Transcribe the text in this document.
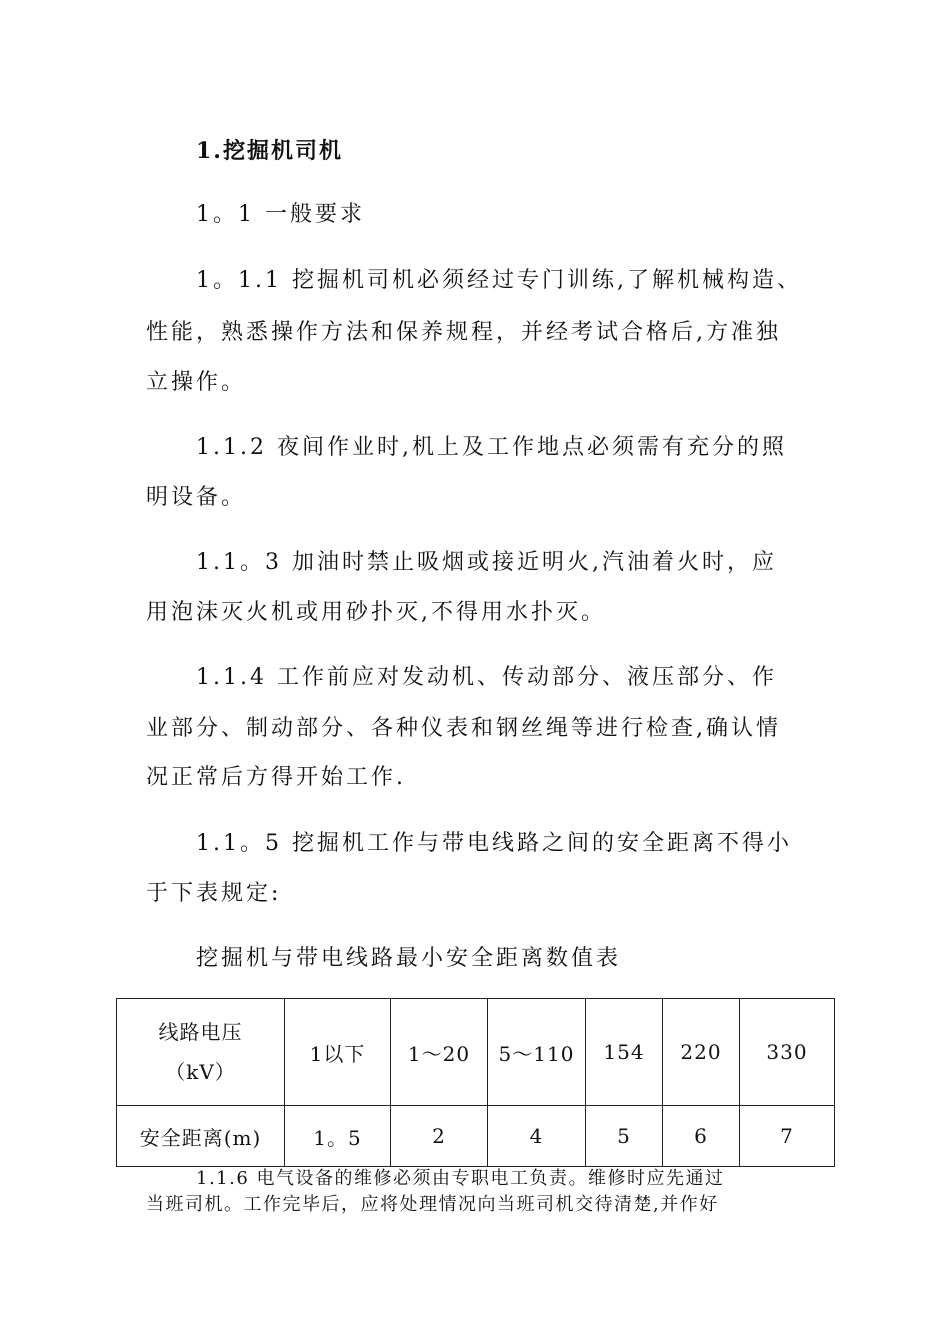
1.挖掘机司机
1。1 一般要求
1。1.1 挖掘机司机必须经过专门训练,了解机械构造、
性能，熟悉操作方法和保养规程，并经考试合格后,方准独
立操作。
1.1.2 夜间作业时,机上及工作地点必须需有充分的照
明设备。
1.1。3 加油时禁止吸烟或接近明火,汽油着火时，应
用泡沫灭火机或用砂扑灭,不得用水扑灭。
1.1.4 工作前应对发动机、传动部分、液压部分、作
业部分、制动部分、各种仪表和钢丝绳等进行检查,确认情
况正常后方得开始工作.
1.1。5 挖掘机工作与带电线路之间的安全距离不得小
于下表规定:
挖掘机与带电线路最小安全距离数值表
线路电压
（kV）	1以下	1～20	5～110	154	220	330
安全距离(m)	1。5	2	4	5	6	7
1.1.6 电气设备的维修必须由专职电工负责。维修时应先通过
当班司机。工作完毕后，应将处理情况向当班司机交待清楚,并作好
